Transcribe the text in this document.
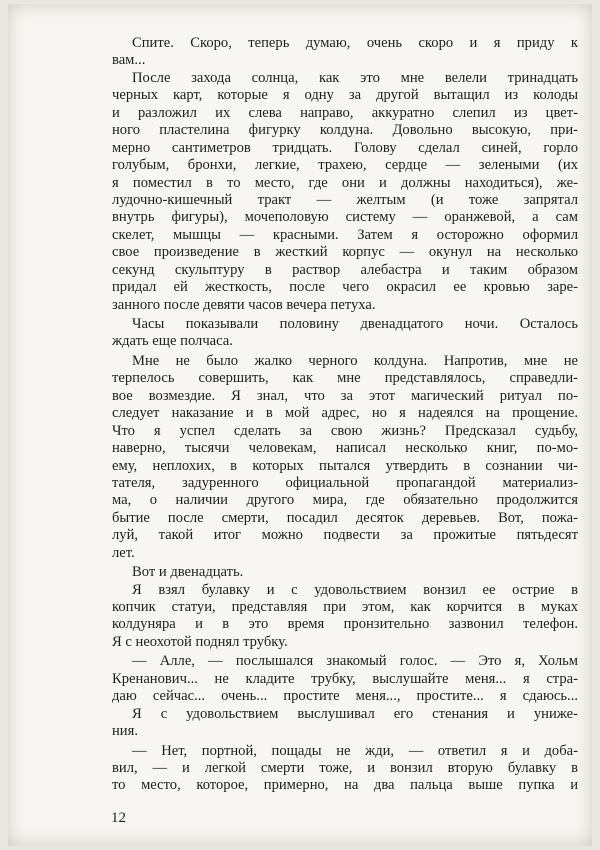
Спите. Скоро, теперь думаю, очень скоро и я приду к
вам...
После захода солнца, как это мне велели тринадцать
черных карт, которые я одну за другой вытащил из колоды
и разложил их слева направо, аккуратно слепил из цвет-
ного пластелина фигурку колдуна. Довольно высокую, при-
мерно сантиметров тридцать. Голову сделал синей, горло
голубым, бронхи, легкие, трахею, сердце — зелеными (их
я поместил в то место, где они и должны находиться), же-
лудочно-кишечный тракт — желтым (и тоже запрятал
внутрь фигуры), мочеполовую систему — оранжевой, а сам
скелет, мышцы — красными. Затем я осторожно оформил
свое произведение в жесткий корпус — окунул на несколько
секунд скульптуру в раствор алебастра и таким образом
придал ей жесткость, после чего окрасил ее кровью заре-
занного после девяти часов вечера петуха.
Часы показывали половину двенадцатого ночи. Осталось
ждать еще полчаса.
Мне не было жалко черного колдуна. Напротив, мне не
терпелось совершить, как мне представлялось, справедли-
вое возмездие. Я знал, что за этот магический ритуал по-
следует наказание и в мой адрес, но я надеялся на прощение.
Что я успел сделать за свою жизнь? Предсказал судьбу,
наверно, тысячи человекам, написал несколько книг, по-мо-
ему, неплохих, в которых пытался утвердить в сознании чи-
тателя, задуренного официальной пропагандой материализ-
ма, о наличии другого мира, где обязательно продолжится
бытие после смерти, посадил десяток деревьев. Вот, пожа-
луй, такой итог можно подвести за прожитые пятьдесят
лет.
Вот и двенадцать.
Я взял булавку и с удовольствием вонзил ее острие в
копчик статуи, представляя при этом, как корчится в муках
колдуняра и в это время пронзительно зазвонил телефон.
Я с неохотой поднял трубку.
— Алле, — послышался знакомый голос. — Это я, Хольм
Кренанович... не кладите трубку, выслушайте меня... я стра-
даю сейчас... очень... простите меня..., простите... я сдаюсь...
Я с удовольствием выслушивал его стенания и униже-
ния.
— Нет, портной, пощады не жди, — ответил я и доба-
вил, — и легкой смерти тоже, и вонзил вторую булавку в
то место, которое, примерно, на два пальца выше пупка и
12
